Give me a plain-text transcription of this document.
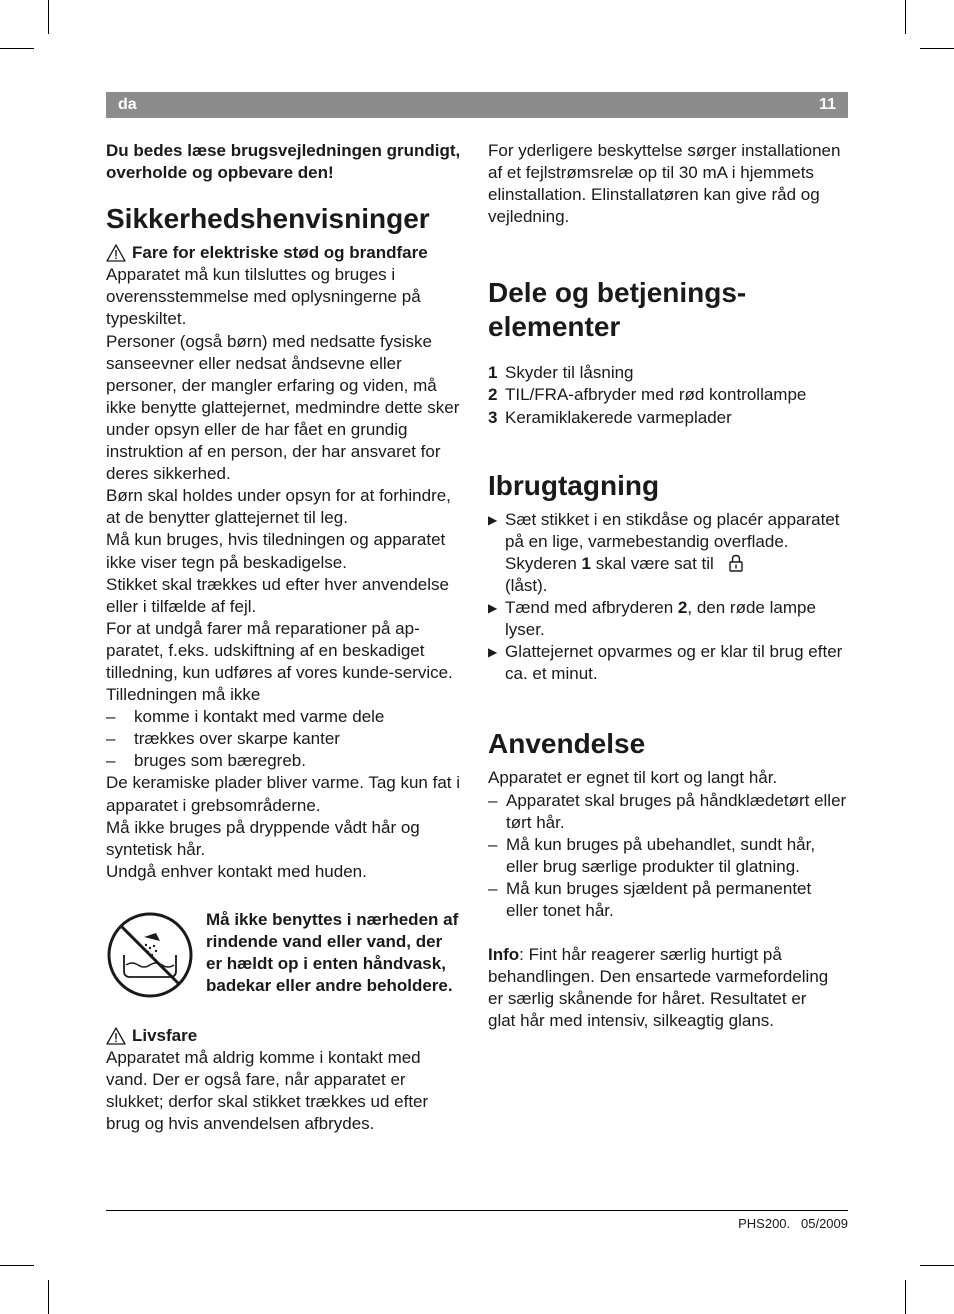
da	11

Du bedes læse brugsvejledningen grundigt, overholde og opbevare den!

Sikkerhedshenvisninger
Fare for elektriske stød og brandfare

Apparatet må kun tilsluttes og bruges i overensstemmelse med oplysningerne på typeskiltet.

Personer (også børn) med nedsatte fysiske sanseevner eller nedsat åndsevne eller personer, der mangler erfaring og viden, må ikke benytte glattejernet, medmindre dette sker under opsyn eller de har fået en grundig instruktion af en person, der har ansvaret for deres sikkerhed.

Børn skal holdes under opsyn for at forhindre, at de benytter glattejernet til leg.

Må kun bruges, hvis tiledningen og apparatet ikke viser tegn på beskadigelse.

Stikket skal trækkes ud efter hver anvendelse eller i tilfælde af fejl.

For at undgå farer må reparationer på ap-paratet, f.eks. udskiftning af en beskadiget tilledning, kun udføres af vores kunde-service.

Tilledningen må ikke

–	komme i kontakt med varme dele
–	trækkes over skarpe kanter
–	bruges som bæregreb.

De keramiske plader bliver varme. Tag kun fat i apparatet i grebsområderne.

Må ikke bruges på dryppende vådt hår og syntetisk hår.

Undgå enhver kontakt med huden.

Må ikke benyttes i nærheden af rindende vand eller vand, der er hældt op i enten håndvask, badekar eller andre beholdere.

Livsfare

Apparatet må aldrig komme i kontakt med vand. Der er også fare, når apparatet er slukket; derfor skal stikket trækkes ud efter brug og hvis anvendelsen afbrydes.

For yderligere beskyttelse sørger installationen af et fejlstrømsrelæ op til 30 mA i hjemmets elinstallation. Elinstallatøren kan give råd og vejledning.

Dele og betjenings-elementer
1 Skyder til låsning
2 TIL/FRA-afbryder med rød kontrollampe
3 Keramiklakerede varmeplader
Ibrugtagning
▶ Sæt stikket i en stikdåse og placér apparatet på en lige, varmebestandig overflade. Skyderen 1 skal være sat til
(låst).
▶ Tænd med afbryderen 2, den røde lampe lyser.
▶ Glattejernet opvarmes og er klar til brug efter ca. et minut.
Anvendelse

Apparatet er egnet til kort og langt hår.

– Apparatet skal bruges på håndklædetørt eller tørt hår.
– Må kun bruges på ubehandlet, sundt hår, eller brug særlige produkter til glatning.
– Må kun bruges sjældent på permanentet eller tonet hår.

Info: Fint hår reagerer særlig hurtigt på behandlingen. Den ensartede varmefordeling er særlig skånende for håret. Resultatet er glat hår med intensiv, silkeagtig glans.

PHS200. 05/2009
